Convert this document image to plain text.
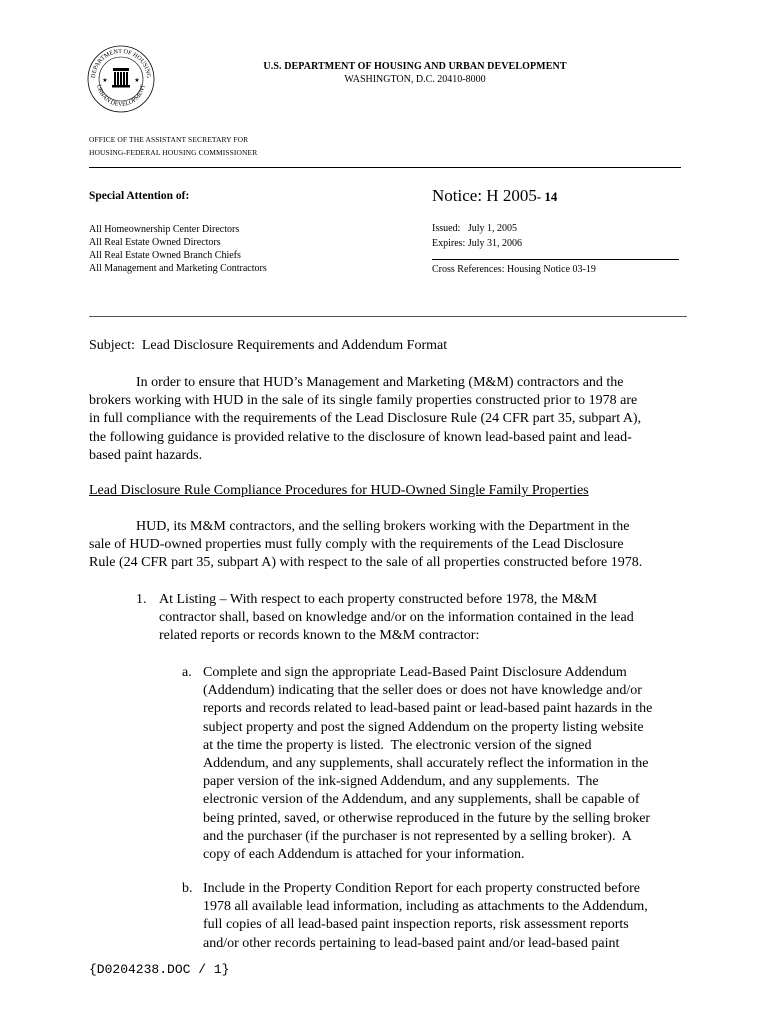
DEPARTMENT OF HOUSING
URBAN DEVELOPMENT
★	★
U.S. DEPARTMENT OF HOUSING AND URBAN DEVELOPMENT
WASHINGTON, D.C. 20410-8000
OFFICE OF THE ASSISTANT SECRETARY FOR
HOUSING-FEDERAL HOUSING COMMISSIONER
Special Attention of:	Notice: H 2005- 14
All Homeownership Center Directors
All Real Estate Owned Directors
All Real Estate Owned Branch Chiefs
All Management and Marketing Contractors
Issued:   July 1, 2005
Expires: July 31, 2006
Cross References: Housing Notice 03-19
Subject:  Lead Disclosure Requirements and Addendum Format
In order to ensure that HUD’s Management and Marketing (M&M) contractors and the
brokers working with HUD in the sale of its single family properties constructed prior to 1978 are
in full compliance with the requirements of the Lead Disclosure Rule (24 CFR part 35, subpart A),
the following guidance is provided relative to the disclosure of known lead-based paint and lead-
based paint hazards.
Lead Disclosure Rule Compliance Procedures for HUD-Owned Single Family Properties
HUD, its M&M contractors, and the selling brokers working with the Department in the
sale of HUD-owned properties must fully comply with the requirements of the Lead Disclosure
Rule (24 CFR part 35, subpart A) with respect to the sale of all properties constructed before 1978.
1. At Listing – With respect to each property constructed before 1978, the M&M
contractor shall, based on knowledge and/or on the information contained in the lead
related reports or records known to the M&M contractor:
a. Complete and sign the appropriate Lead-Based Paint Disclosure Addendum
(Addendum) indicating that the seller does or does not have knowledge and/or
reports and records related to lead-based paint or lead-based paint hazards in the
subject property and post the signed Addendum on the property listing website
at the time the property is listed.  The electronic version of the signed
Addendum, and any supplements, shall accurately reflect the information in the
paper version of the ink-signed Addendum, and any supplements.  The
electronic version of the Addendum, and any supplements, shall be capable of
being printed, saved, or otherwise reproduced in the future by the selling broker
and the purchaser (if the purchaser is not represented by a selling broker).  A
copy of each Addendum is attached for your information.
b. Include in the Property Condition Report for each property constructed before
1978 all available lead information, including as attachments to the Addendum,
full copies of all lead-based paint inspection reports, risk assessment reports
and/or other records pertaining to lead-based paint and/or lead-based paint
{D0204238.DOC / 1}
